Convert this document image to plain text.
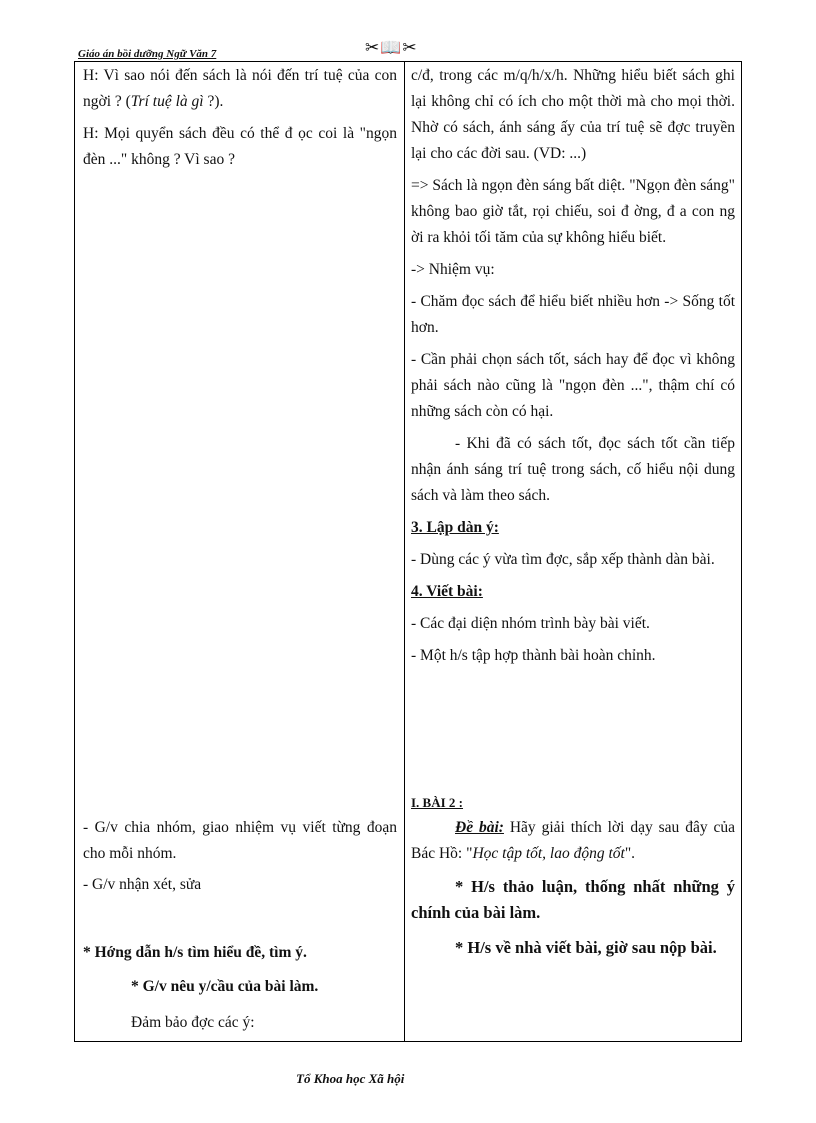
Giáo án bồi dưỡng Ngữ Văn 7	✂📖✂

H: Vì sao nói đến sách là nói đến trí tuệ của con ngời ? (Trí tuệ là gì ?).

H: Mọi quyển sách đều có thể đ ọc coi là "ngọn đèn ..." không ? Vì sao ?

- G/v chia nhóm, giao nhiệm vụ viết từng đoạn cho mỗi nhóm.

- G/v nhận xét, sửa

* Hớng dẫn h/s tìm hiểu đề, tìm ý.

* G/v nêu y/cầu của bài làm.

Đảm bảo đợc các ý:

c/đ, trong các m/q/h/x/h. Những hiểu biết sách ghi lại không chỉ có ích cho một thời mà cho mọi thời. Nhờ có sách, ánh sáng ấy của trí tuệ sẽ đợc truyền lại cho các đời sau. (VD: ...)

=> Sách là ngọn đèn sáng bất diệt. "Ngọn đèn sáng" không bao giờ tắt, rọi chiếu, soi đ ờng, đ a con ng ời ra khỏi tối tăm của sự không hiểu biết.

-> Nhiệm vụ:

- Chăm đọc sách để hiểu biết nhiều hơn -> Sống tốt hơn.

- Cần phải chọn sách tốt, sách hay để đọc vì không phải sách nào cũng là "ngọn đèn ...", thậm chí có những sách còn có hại.

- Khi đã có sách tốt, đọc sách tốt cần tiếp nhận ánh sáng trí tuệ trong sách, cố hiểu nội dung sách và làm theo sách.

3. Lập dàn ý:

- Dùng các ý vừa tìm đợc, sắp xếp thành dàn bài.

4. Viết bài:

- Các đại diện nhóm trình bày bài viết.

- Một h/s tập hợp thành bài hoàn chỉnh.

I. BÀI 2 :

Đề bài: Hãy giải thích lời dạy sau đây của Bác Hồ: "Học tập tốt, lao động tốt".

* H/s thảo luận, thống nhất những ý chính của bài làm.

* H/s về nhà viết bài, giờ sau nộp bài.

Tổ Khoa học Xã hội
